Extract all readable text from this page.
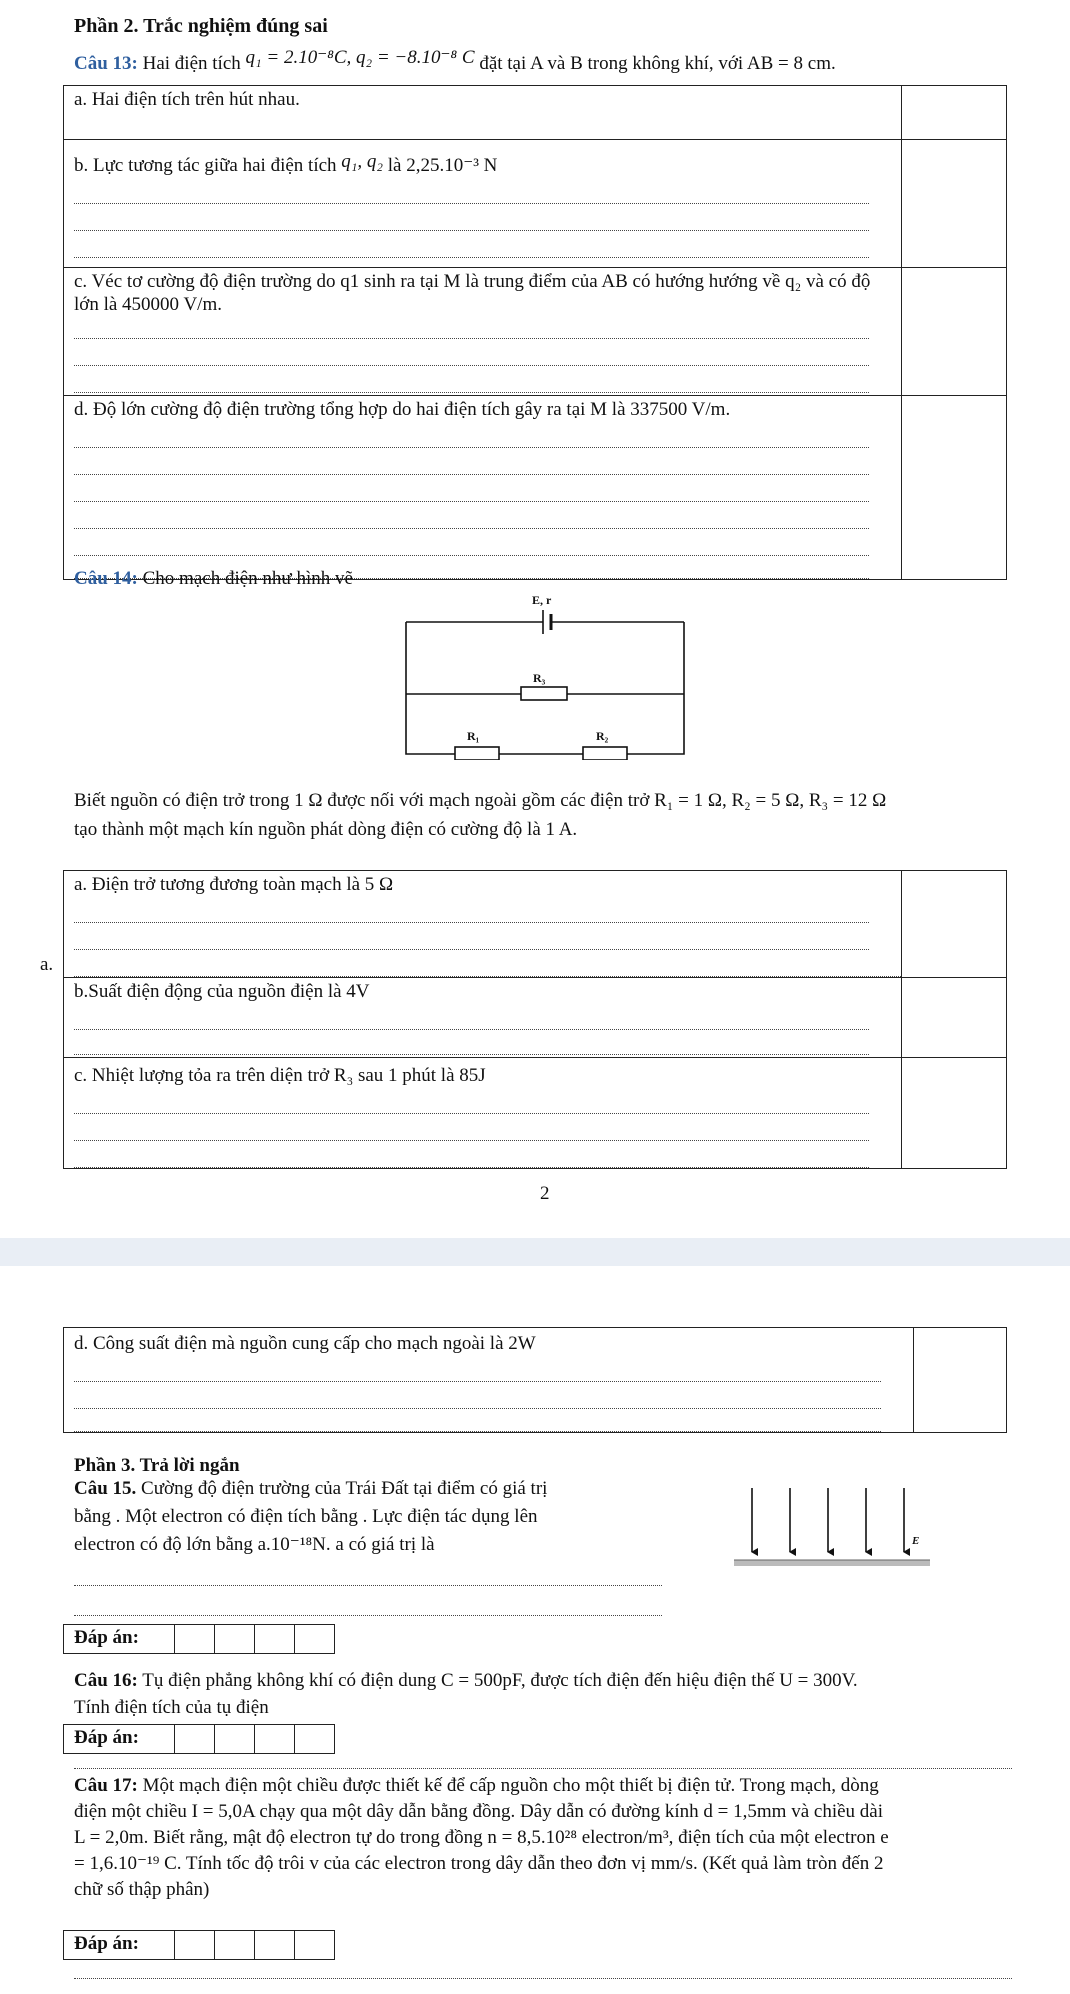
Phần 2. Trắc nghiệm đúng sai
Câu 13: Hai điện tích q₁ = 2.10⁻⁸C, q₂ = −8.10⁻⁸ C đặt tại A và B trong không khí, với AB = 8 cm.
a. Hai điện tích trên hút nhau.	

b. Lực tương tác giữa hai điện tích q₁, q₂ là 2,25.10⁻³ N	

c. Véc tơ cường độ điện trường do q1 sinh ra tại M là trung điểm của AB có hướng hướng về q₂ và có độ lớn là 450000 V/m.	

d. Độ lớn cường độ điện trường tổng hợp do hai điện tích gây ra tại M là 337500 V/m.	

Câu 14: Cho mạch điện như hình vẽ
E, r
R₃
R₁	R₂
Biết nguồn có điện trở trong 1 Ω được nối với mạch ngoài gồm các điện trở R₁ = 1 Ω, R₂ = 5 Ω, R₃ = 12 Ω
tạo thành một mạch kín nguồn phát dòng điện có cường độ là 1 A.
a.
a. Điện trở tương đương toàn mạch là 5 Ω	

b.Suất điện động của nguồn điện là 4V	

c. Nhiệt lượng tỏa ra trên diện trở R₃ sau 1 phút là 85J	

2
d. Công suất điện mà nguồn cung cấp cho mạch ngoài là 2W

Phần 3. Trả lời ngắn
Câu 15. Cường độ điện trường của Trái Đất tại điểm có giá trị
bằng . Một electron có điện tích bằng . Lực điện tác dụng lên
electron có độ lớn bằng a.10⁻¹⁸N. a có giá trị là	E⃗
Đáp án:
Câu 16: Tụ điện phẳng không khí có điện dung C = 500pF, được tích điện đến hiệu điện thế U = 300V.
Tính điện tích của tụ điện
Đáp án:
Câu 17: Một mạch điện một chiều được thiết kế để cấp nguồn cho một thiết bị điện tử. Trong mạch, dòng
điện một chiều I = 5,0A chạy qua một dây dẫn bằng đồng. Dây dẫn có đường kính d = 1,5mm và chiều dài
L = 2,0m. Biết rằng, mật độ electron tự do trong đồng n = 8,5.10²⁸ electron/m³, điện tích của một electron e
= 1,6.10⁻¹⁹ C. Tính tốc độ trôi v của các electron trong dây dẫn theo đơn vị mm/s. (Kết quả làm tròn đến 2
chữ số thập phân)
Đáp án:
